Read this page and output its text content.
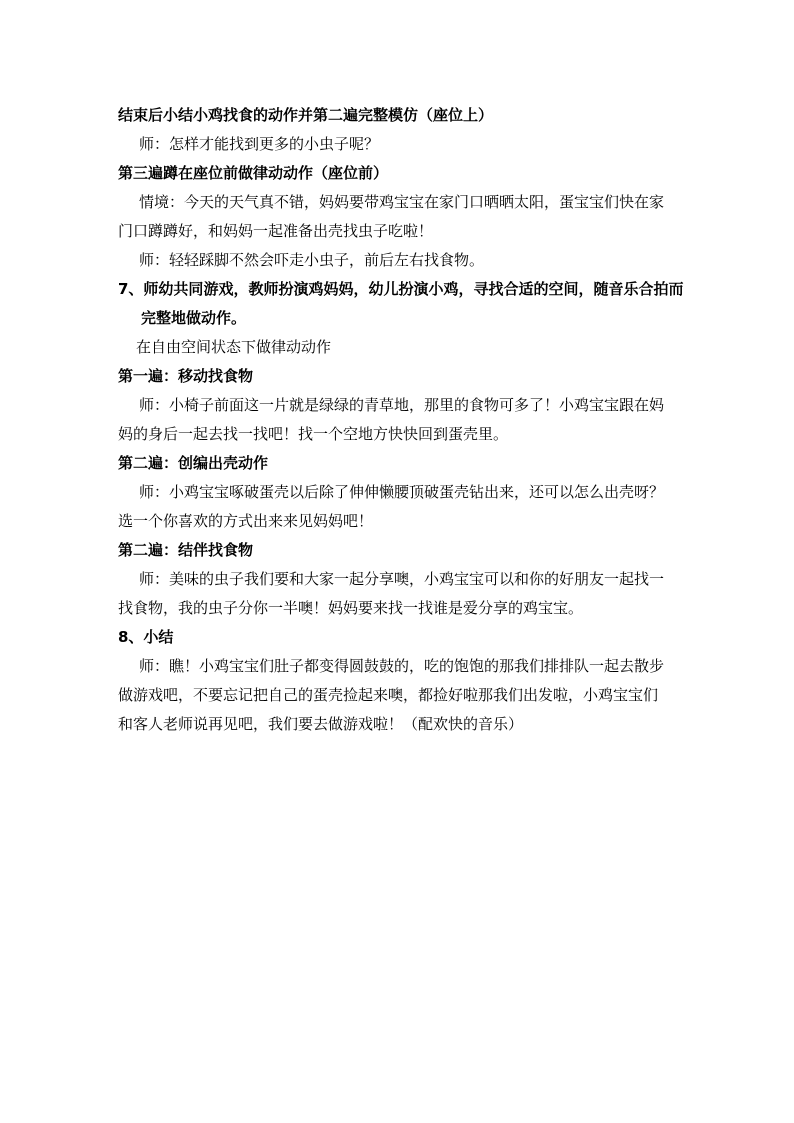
结束后小结小鸡找食的动作并第二遍完整模仿（座位上）
师：怎样才能找到更多的小虫子呢？
第三遍蹲在座位前做律动动作（座位前）
情境：今天的天气真不错，妈妈要带鸡宝宝在家门口晒晒太阳，蛋宝宝们快在家门口蹲蹲好，和妈妈一起准备出壳找虫子吃啦！
师：轻轻踩脚不然会吓走小虫子，前后左右找食物。
7、师幼共同游戏，教师扮演鸡妈妈，幼儿扮演小鸡，寻找合适的空间，随音乐合拍而完整地做动作。
在自由空间状态下做律动动作
第一遍：移动找食物
师：小椅子前面这一片就是绿绿的青草地，那里的食物可多了！小鸡宝宝跟在妈妈的身后一起去找一找吧！找一个空地方快快回到蛋壳里。
第二遍：创编出壳动作
师：小鸡宝宝啄破蛋壳以后除了伸伸懒腰顶破蛋壳钻出来，还可以怎么出壳呀？选一个你喜欢的方式出来来见妈妈吧！
第二遍：结伴找食物
师：美味的虫子我们要和大家一起分享噢，小鸡宝宝可以和你的好朋友一起找一找食物，我的虫子分你一半噢！妈妈要来找一找谁是爱分享的鸡宝宝。
8、小结
师：瞧！小鸡宝宝们肚子都变得圆鼓鼓的，吃的饱饱的那我们排排队一起去散步做游戏吧，不要忘记把自己的蛋壳捡起来噢，都捡好啦那我们出发啦，小鸡宝宝们和客人老师说再见吧，我们要去做游戏啦！（配欢快的音乐）
